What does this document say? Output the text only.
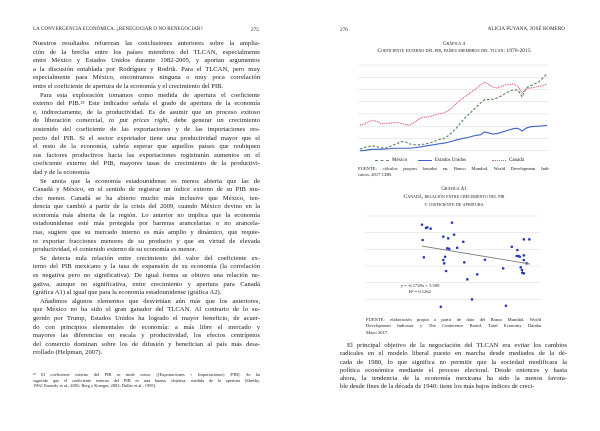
LA CONVERGENCIA ECONÓMICA. ¿RENEGOCIAR O NO RENEGOCIAR?	275
Nuestros resultados refuerzan las conclusiones anteriores sobre la amplia-
ción de la brecha entre los países miembros del TLCAN, especialmente
entre México y Estados Unidos durante 1982-2005, y aportan argumentos
a la discusión entablada por Rodríguez y Rodrik. Para el TLCAN, pero muy
especialmente para México, encontramos ninguna o muy poca correlación
entre el coeficiente de apertura de la economía y el crecimiento del PIB.
Para esta exploración tomamos como medida de apertura el coeficiente
externo del PIB.²³ Este indicador señala el grado de apertura de la economía
e, indirectamente, de la productividad. Es de asumir que un proceso exitoso
de liberación comercial, to put prices right, debe generar un crecimiento
sostenido del coeficiente de las exportaciones y de las importaciones res-
pecto del PIB. Si el sector exportador tiene una productividad mayor que el
el resto de la economía, cabría esperar que aquellos países que reubiquen
sus factores productivos hacia las exportaciones registrarán aumentos en el
coeficiente externo del PIB, mayores tasas de crecimiento de la productivi-
dad y de la economía.
Se anota que la economía estadounidense es menos abierta que las de
Canadá y México, en el sentido de registrar un índice externo de su PIB mu-
cho menor. Canadá se ha abierto mucho más inclusive que México, ten-
dencia que cambió a partir de la crisis del 2009, cuando México devino en la
economía más abierta de la región. Lo anterior no implica que la economía
estadounidense esté más protegida por barreras arancelarias o no arancela-
rias, sugiere que su mercado interno es más amplio y dinámico, que requie-
re exportar fracciones menores de su producto y que en virtud de elevada
productividad, el contenido externo de su economía es menor.
Se detecta nula relación entre crecimiento del valor del coeficiente ex-
terno del PIB mexicano y la tasa de expansión de su economía (la correlación
es negativa pero no significativa). De igual forma se obtuvo una relación ne-
gativa, aunque no significativa, entre crecimiento y apertura para Canadá
(gráfica A1) al igual que para la economía estadounidense (gráfica A2).
Añadimos algunos elementos que desvirtúan aún más que los anteriores,
que México no ha sido el gran ganador del TLCAN. Al contrario de lo su-
gerido por Trump, Estados Unidos ha logrado el mayor beneficio, de acuer-
do con principios elementales de economía: a más libre el mercado y
mayores las diferencias en escala y productividad, los efectos centrípetos
del comercio dominan sobre los de difusión y benefician al país más desa-
rrollado (Helpman, 2007).
²³ El coeficiente externo del PIB se mide como: [(Exportaciones + Importaciones) /PIB]. Se ha
sugerido que el coeficiente externo del PIB es una buena, objetiva, medida de la apertura (Sheehy,
1992; Easterly et al., 2001; Berg y Krueger, 2003; Dollar et al., 1995).
276	ALICIA PUYANA, JOSÉ ROMERO
Gráfica 4
Coeficiente externo del pib, países miembros del tlcan: 1970-2015
México	Estados Unidos	Canadá
FUENTE: cálculos propios basados en, Banco Mundial, World Development Indi-
cators, 2017 CDR.
Gráfica A1
Canadá, relación entre crecimiento del pib
y coeficiente de apertura
y = -6.1729x + 5.509
R² = 0.1262
FUENTE: elaboración propia a partir de dato del Banco Mundial, World
Development Indicator y The Conference Board, Total Economy Databa
Mayo 2017.
El principal objetivo de la negociación del TLCAN era evitar los cambios
radicales en el modelo liberal puesto en marcha desde mediados de la dé-
cada de 1980, lo que significa no permitir que la sociedad modificara la
política económica mediante el proceso electoral. Desde entonces y hasta
ahora, la tendencia de la economía mexicana ha sido la menos favora-
ble desde fines de la década de 1940: tiene los más bajos índices de creci-
